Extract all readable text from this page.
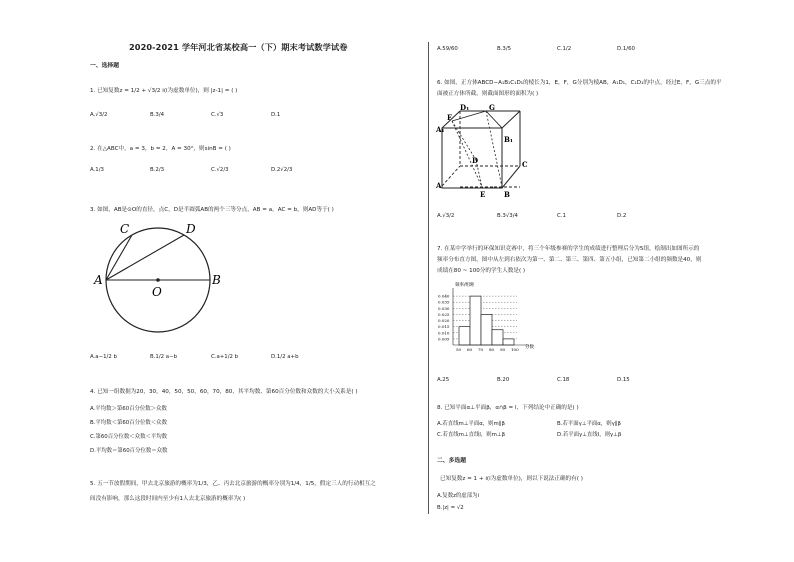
2020-2021 学年河北省某校高一（下）期末考试数学试卷
一、选择题
1. 已知复数z = 1/2 + √3/2 i(i为虚数单位)，则 |z-1| = ( )
A.√3/2	B.3/4	C.√3	D.1
2. 在△ABC中，a = 3，b = 2，A = 30°，则sinB = ( )
A.1/3	B.2/3	C.√2/3	D.2√2/3
3. 如图，AB是⊙O的直径，点C，D是半圆弧AB的两个三等分点，AB = a，AC = b，则AD等于( )
A	B
C	D
O
A.a−1/2 b	B.1/2 a−b	C.a+1/2 b	D.1/2 a+b
4. 已知一组数据为20，30，40，50，50，60，70，80，其平均数、第60百分位数和众数的大小关系是( )
A.平均数＞第60百分位数＞众数
B.平均数＜第60百分位数＜众数
C.第60百分位数＜众数＜平均数
D.平均数＝第60百分位数＝众数
5. 五一节放假期间，甲去北京旅游的概率为1/3，乙、丙去北京旅游的概率分别为1/4，1/5，假定三人的行动相互之
间没有影响，那么这段时间内至少有1人去北京旅游的概率为( )
A.59/60	B.3/5	C.1/2	D.1/60
6. 如图，正方体ABCD−A₁B₁C₁D₁的棱长为1，E，F，G分别为棱AB，A₁D₁，C₁D₁的中点，经过E，F，G三点的平
面被正方体所截，则截面图形的面积为( )
A₁
F
D₁	G
B₁
D	C
A
E	B
A.√3/2	B.3√3/4	C.1	D.2
7. 在某中学举行的环保知识竞赛中，将三个年级参赛的学生的成绩进行整理后分为5组，绘制出如图所示的
频率分布直方图，图中从左到右依次为第一、第二、第三、第四、第五小组，已知第二小组的频数是40，则
成绩在80 ~ 100分的学生人数是( )
频率/组距
分数
0.040
0.035
0.030
0.025
0.020
0.015
0.010
0.005
50 60 70 80 90 100
A.25	B.20	C.18	D.15
8. 已知平面α⊥平面β，α∩β = l，下列结论中正确的是( )
A.若直线m⊥平面α，则m∥β	B.若平面γ⊥平面α，则γ∥β
C.若直线m⊥直线l，则m⊥β	D.若平面γ⊥直线l，则γ⊥β
二、多选题
已知复数z = 1 + i(i为虚数单位)，则以下说法正确的有( )
A.复数z的虚部为i
B.|z| = √2
